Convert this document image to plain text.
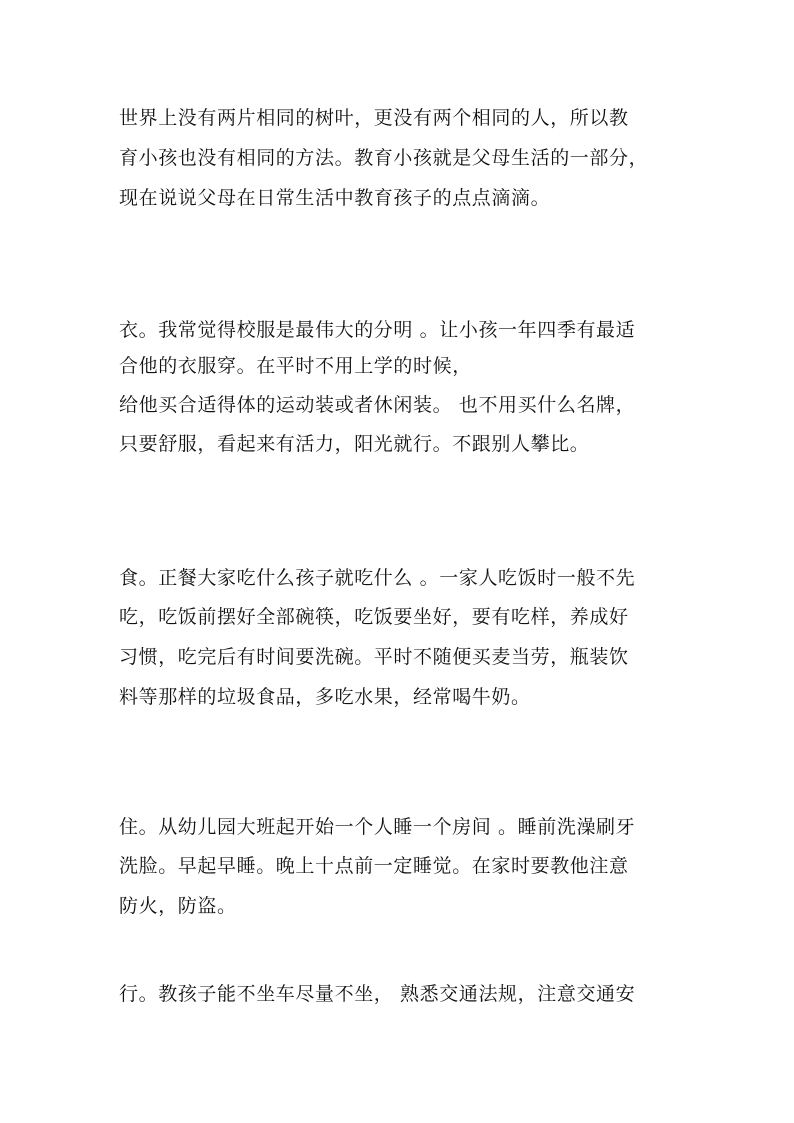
世界上没有两片相同的树叶，更没有两个相同的人，所以教
育小孩也没有相同的方法。教育小孩就是父母生活的一部分，
现在说说父母在日常生活中教育孩子的点点滴滴。
衣。我常觉得校服是最伟大的分明 。让小孩一年四季有最适
合他的衣服穿。在平时不用上学的时候，
给他买合适得体的运动装或者休闲装。 也不用买什么名牌，
只要舒服，看起来有活力，阳光就行。不跟别人攀比。
食。正餐大家吃什么孩子就吃什么 。一家人吃饭时一般不先
吃，吃饭前摆好全部碗筷，吃饭要坐好，要有吃样，养成好
习惯，吃完后有时间要洗碗。平时不随便买麦当劳，瓶装饮
料等那样的垃圾食品，多吃水果，经常喝牛奶。
住。从幼儿园大班起开始一个人睡一个房间 。睡前洗澡刷牙
洗脸。早起早睡。晚上十点前一定睡觉。在家时要教他注意
防火，防盗。
行。教孩子能不坐车尽量不坐， 熟悉交通法规，注意交通安
